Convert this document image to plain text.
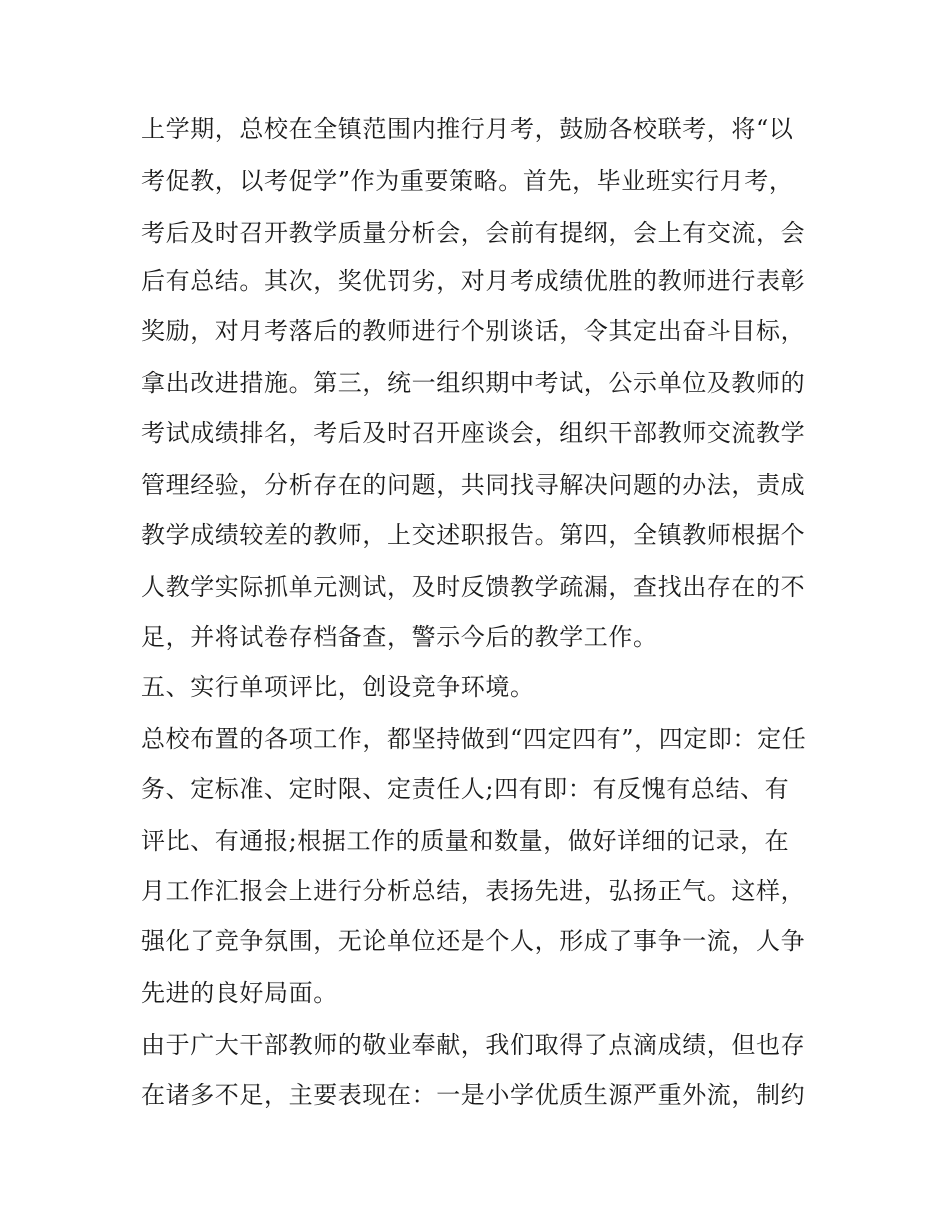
上学期，总校在全镇范围内推行月考，鼓励各校联考，将“以
考促教，以考促学”作为重要策略。首先，毕业班实行月考，
考后及时召开教学质量分析会，会前有提纲，会上有交流，会
后有总结。其次，奖优罚劣，对月考成绩优胜的教师进行表彰
奖励，对月考落后的教师进行个别谈话，令其定出奋斗目标，
拿出改进措施。第三，统一组织期中考试，公示单位及教师的
考试成绩排名，考后及时召开座谈会，组织干部教师交流教学
管理经验，分析存在的问题，共同找寻解决问题的办法，责成
教学成绩较差的教师，上交述职报告。第四，全镇教师根据个
人教学实际抓单元测试，及时反馈教学疏漏，查找出存在的不
足，并将试卷存档备查，警示今后的教学工作。
五、实行单项评比，创设竞争环境。
总校布置的各项工作，都坚持做到“四定四有”，四定即：定任
务、定标准、定时限、定责任人;四有即：有反愧有总结、有
评比、有通报;根据工作的质量和数量，做好详细的记录，在
月工作汇报会上进行分析总结，表扬先进，弘扬正气。这样，
强化了竞争氛围，无论单位还是个人，形成了事争一流，人争
先进的良好局面。
由于广大干部教师的敬业奉献，我们取得了点滴成绩，但也存
在诸多不足，主要表现在：一是小学优质生源严重外流，制约
